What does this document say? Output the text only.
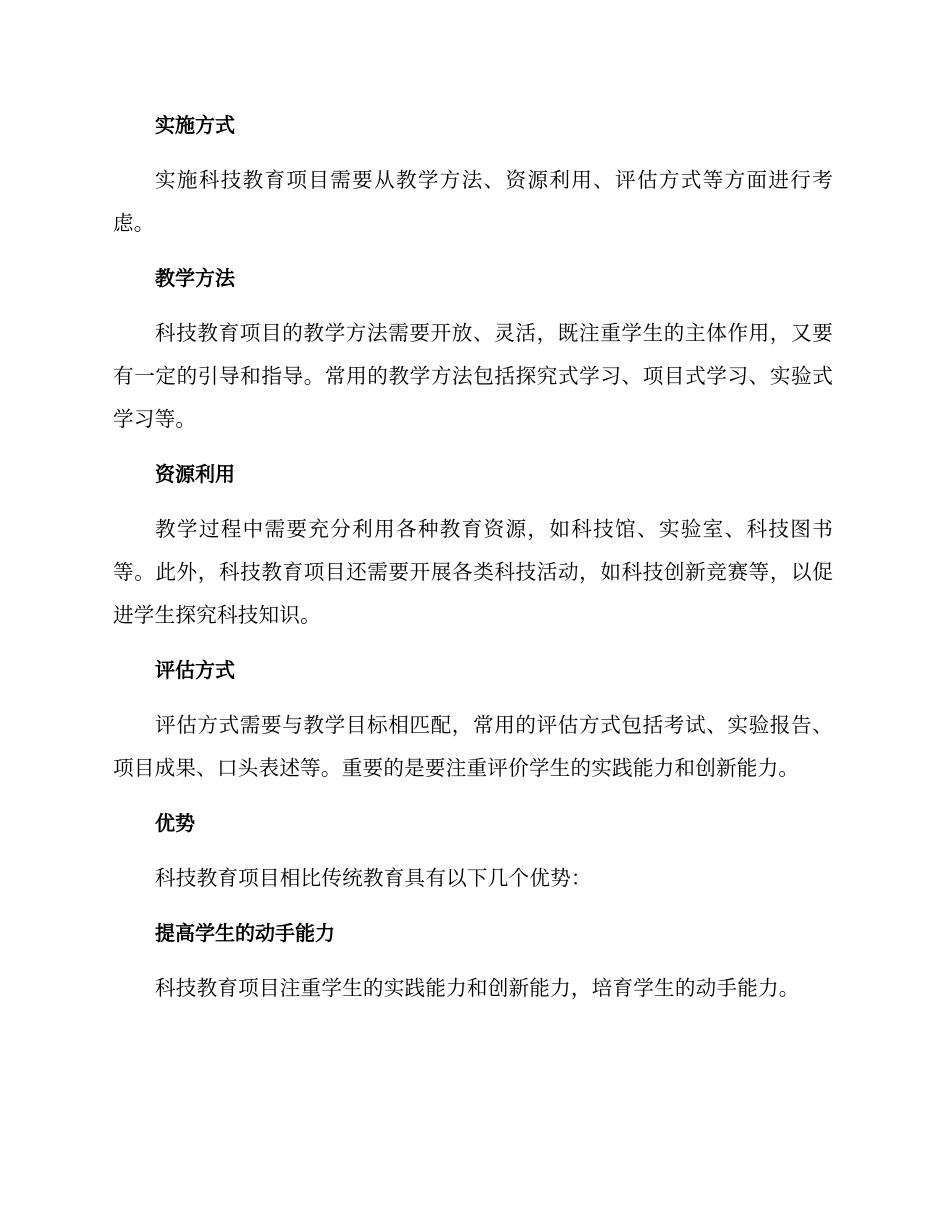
实施方式

实施科技教育项目需要从教学方法、资源利用、评估方式等方面进行考虑。

教学方法

科技教育项目的教学方法需要开放、灵活，既注重学生的主体作用，又要有一定的引导和指导。常用的教学方法包括探究式学习、项目式学习、实验式学习等。

资源利用

教学过程中需要充分利用各种教育资源，如科技馆、实验室、科技图书等。此外，科技教育项目还需要开展各类科技活动，如科技创新竞赛等，以促进学生探究科技知识。

评估方式

评估方式需要与教学目标相匹配，常用的评估方式包括考试、实验报告、项目成果、口头表述等。重要的是要注重评价学生的实践能力和创新能力。

优势

科技教育项目相比传统教育具有以下几个优势：

提高学生的动手能力

科技教育项目注重学生的实践能力和创新能力，培育学生的动手能力。
